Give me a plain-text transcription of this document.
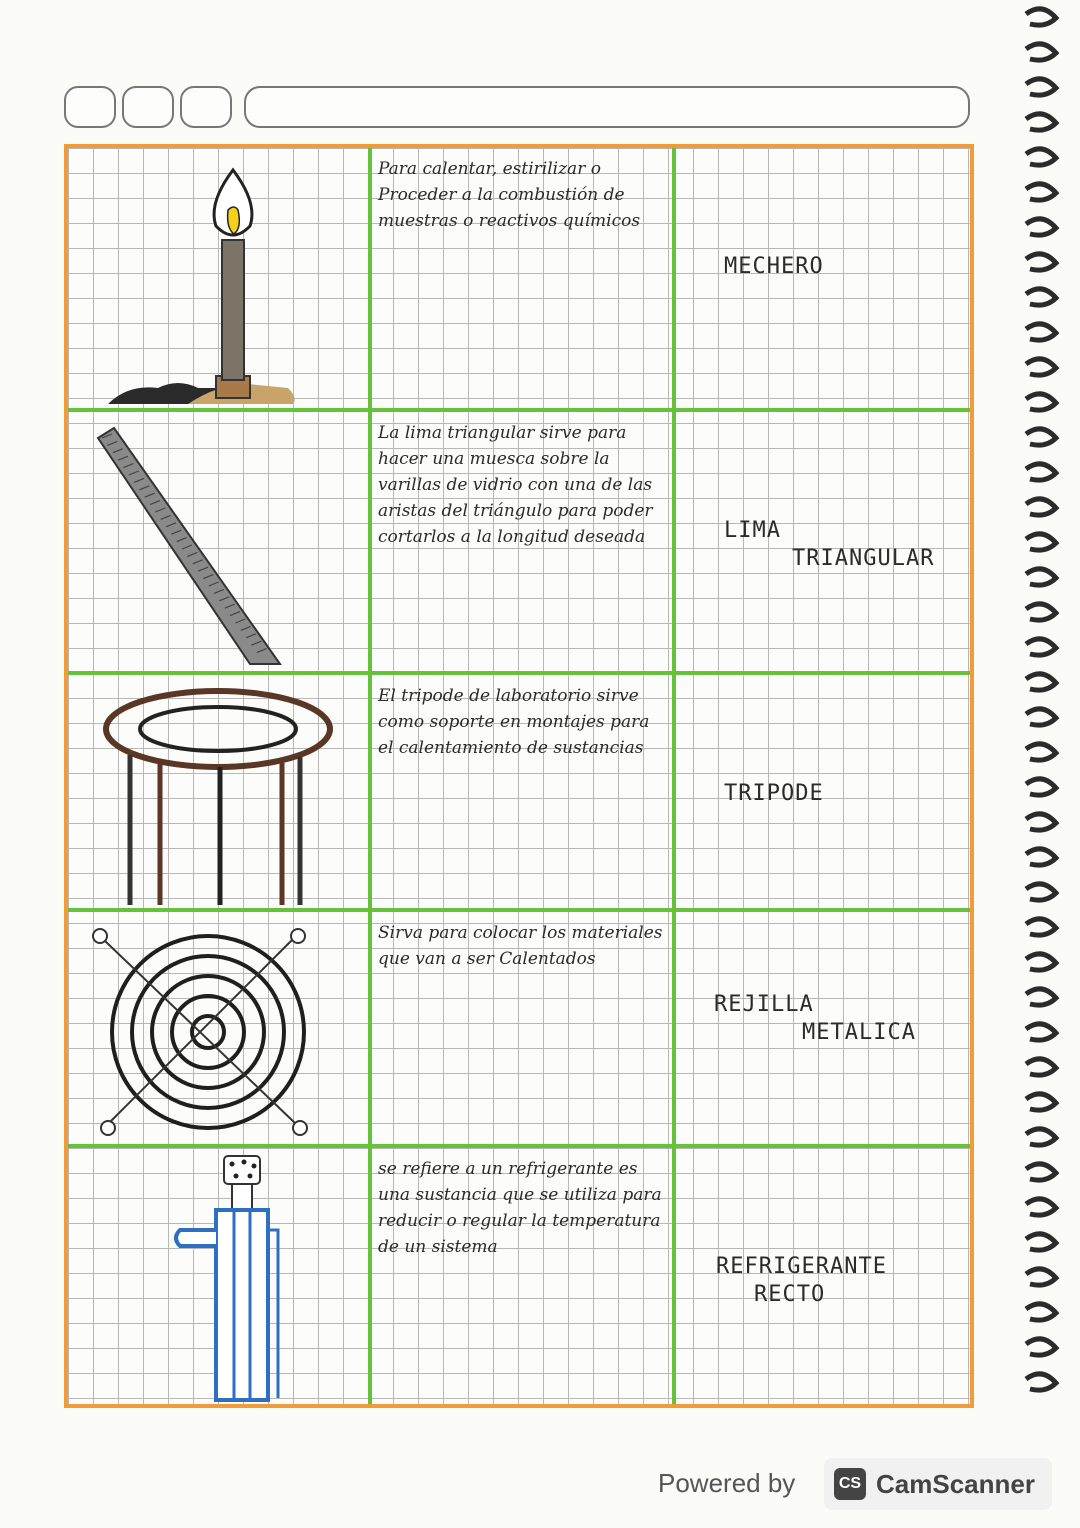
Para calentar, estirilizar o Proceder a la combustión de muestras o reactivos químicos

MECHERO

La lima triangular sirve para hacer una muesca sobre la varillas de vidrio con una de las aristas del triángulo para poder cortarlos a la longitud deseada	LIMA

TRIANGULAR

El tripode de laboratorio sirve como soporte en montajes para el calentamiento de sustancias

TRIPODE

Sirva para colocar los materiales que van a ser Calentados

REJILLA

METALICA

se refiere a un refrigerante es una sustancia que se utiliza para reducir o regular la temperatura de un sistema

REFRIGERANTE

RECTO

Powered by	CS CamScanner
